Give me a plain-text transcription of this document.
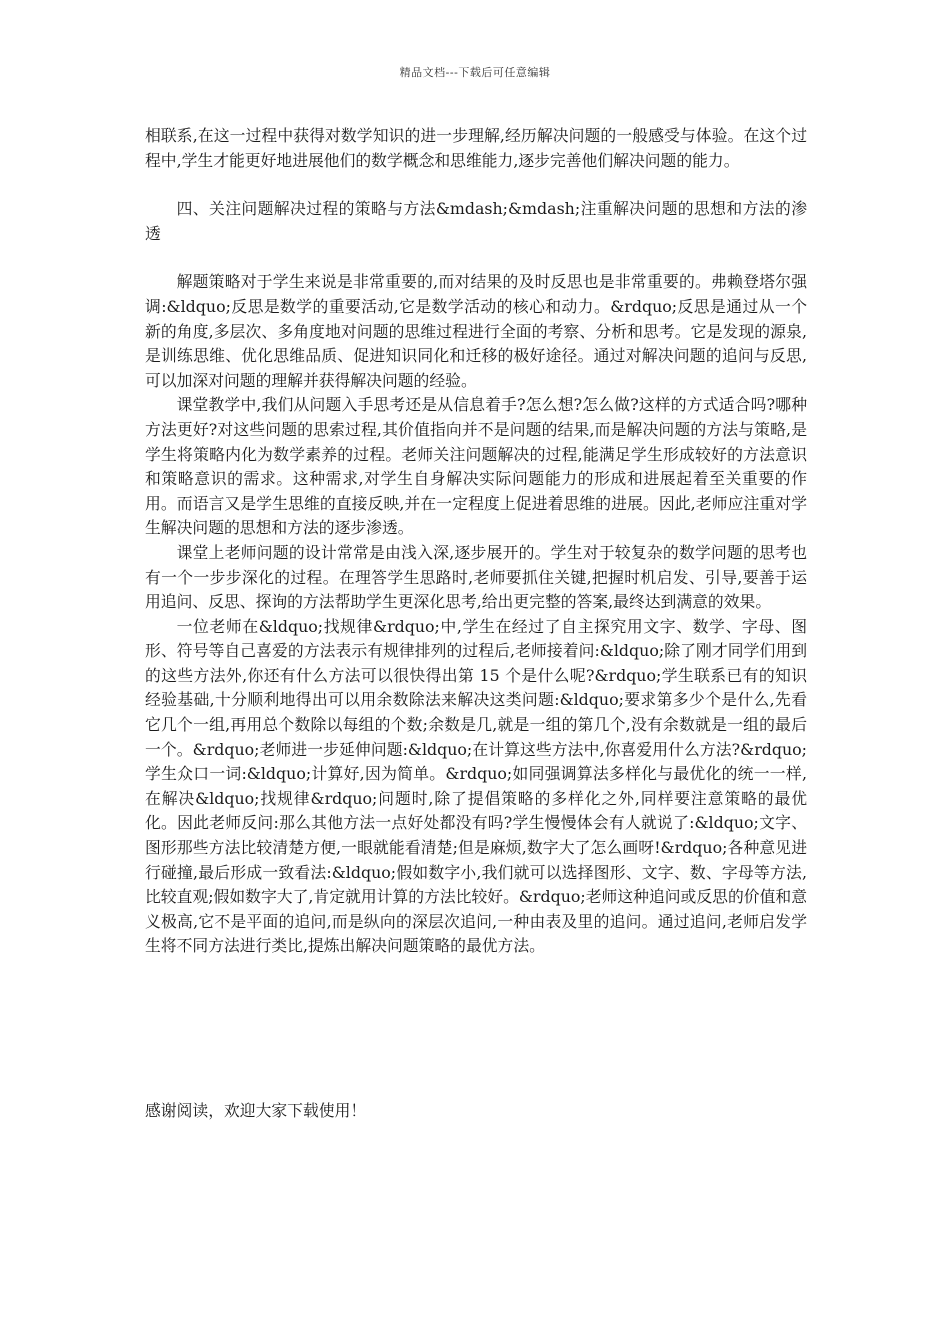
精品文档---下载后可任意编辑

相联系,在这一过程中获得对数学知识的进一步理解,经历解决问题的一般感受与体验。在这个过程中,学生才能更好地进展他们的数学概念和思维能力,逐步完善他们解决问题的能力。

四、关注问题解决过程的策略与方法&mdash;&mdash;注重解决问题的思想和方法的渗透

解题策略对于学生来说是非常重要的,而对结果的及时反思也是非常重要的。弗赖登塔尔强调:&ldquo;反思是数学的重要活动,它是数学活动的核心和动力。&rdquo;反思是通过从一个新的角度,多层次、多角度地对问题的思维过程进行全面的考察、分析和思考。它是发现的源泉,是训练思维、优化思维品质、促进知识同化和迁移的极好途径。通过对解决问题的追问与反思,可以加深对问题的理解并获得解决问题的经验。

课堂教学中,我们从问题入手思考还是从信息着手?怎么想?怎么做?这样的方式适合吗?哪种方法更好?对这些问题的思索过程,其价值指向并不是问题的结果,而是解决问题的方法与策略,是学生将策略内化为数学素养的过程。老师关注问题解决的过程,能满足学生形成较好的方法意识和策略意识的需求。这种需求,对学生自身解决实际问题能力的形成和进展起着至关重要的作用。而语言又是学生思维的直接反映,并在一定程度上促进着思维的进展。因此,老师应注重对学生解决问题的思想和方法的逐步渗透。

课堂上老师问题的设计常常是由浅入深,逐步展开的。学生对于较复杂的数学问题的思考也有一个一步步深化的过程。在理答学生思路时,老师要抓住关键,把握时机启发、引导,要善于运用追问、反思、探询的方法帮助学生更深化思考,给出更完整的答案,最终达到满意的效果。

一位老师在&ldquo;找规律&rdquo;中,学生在经过了自主探究用文字、数学、字母、图形、符号等自己喜爱的方法表示有规律排列的过程后,老师接着问:&ldquo;除了刚才同学们用到的这些方法外,你还有什么方法可以很快得出第 15 个是什么呢?&rdquo;学生联系已有的知识经验基础,十分顺利地得出可以用余数除法来解决这类问题:&ldquo;要求第多少个是什么,先看它几个一组,再用总个数除以每组的个数;余数是几,就是一组的第几个,没有余数就是一组的最后一个。&rdquo;老师进一步延伸问题:&ldquo;在计算这些方法中,你喜爱用什么方法?&rdquo;学生众口一词:&ldquo;计算好,因为简单。&rdquo;如同强调算法多样化与最优化的统一一样,在解决&ldquo;找规律&rdquo;问题时,除了提倡策略的多样化之外,同样要注意策略的最优化。因此老师反问:那么其他方法一点好处都没有吗?学生慢慢体会有人就说了:&ldquo;文字、图形那些方法比较清楚方便,一眼就能看清楚;但是麻烦,数字大了怎么画呀!&rdquo;各种意见进行碰撞,最后形成一致看法:&ldquo;假如数字小,我们就可以选择图形、文字、数、字母等方法,比较直观;假如数字大了,肯定就用计算的方法比较好。&rdquo;老师这种追问或反思的价值和意义极高,它不是平面的追问,而是纵向的深层次追问,一种由表及里的追问。通过追问,老师启发学生将不同方法进行类比,提炼出解决问题策略的最优方法。

感谢阅读，欢迎大家下载使用！
